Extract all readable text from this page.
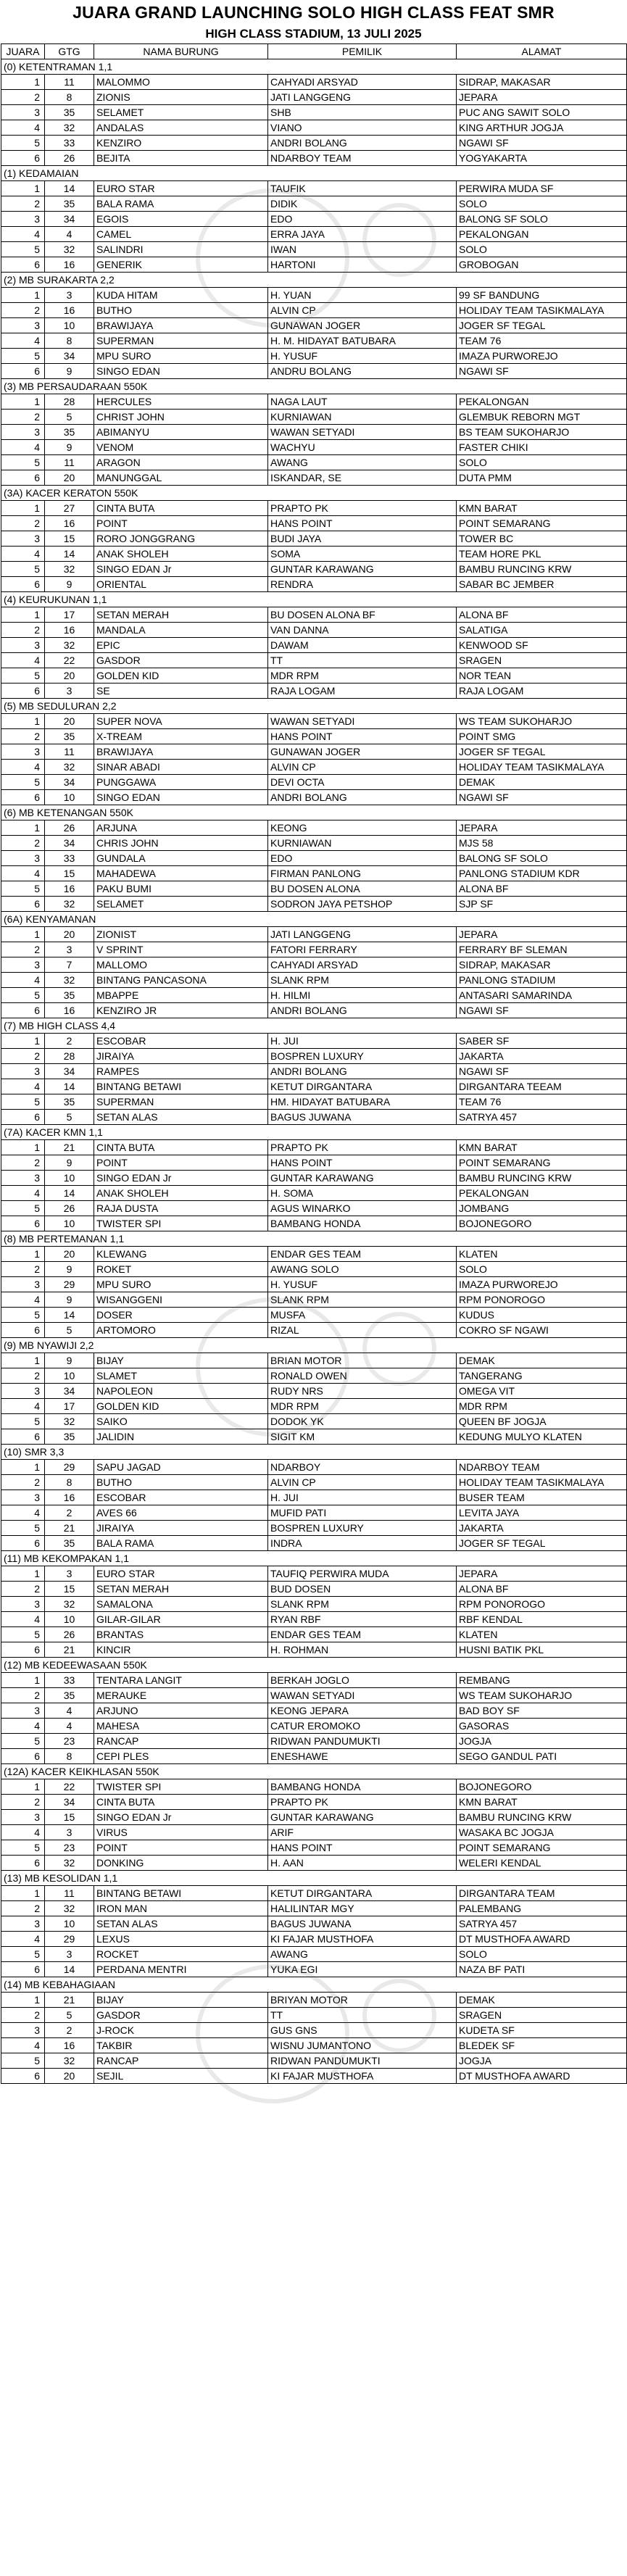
JUARA GRAND LAUNCHING SOLO HIGH CLASS FEAT SMR
HIGH CLASS STADIUM, 13 JULI 2025
JUARA	GTG	NAMA BURUNG	PEMILIK	ALAMAT
(0) KETENTRAMAN 1,1				
1	11	MALOMMO	CAHYADI ARSYAD	SIDRAP, MAKASAR
2	8	ZIONIS	JATI LANGGENG	JEPARA
3	35	SELAMET	SHB	PUC ANG SAWIT SOLO
4	32	ANDALAS	VIANO	KING ARTHUR JOGJA
5	33	KENZIRO	ANDRI BOLANG	NGAWI SF
6	26	BEJITA	NDARBOY TEAM	YOGYAKARTA
(1) KEDAMAIAN				
1	14	EURO STAR	TAUFIK	PERWIRA MUDA SF
2	35	BALA RAMA	DIDIK	SOLO
3	34	EGOIS	EDO	BALONG SF SOLO
4	4	CAMEL	ERRA JAYA	PEKALONGAN
5	32	SALINDRI	IWAN	SOLO
6	16	GENERIK	HARTONI	GROBOGAN
(2) MB SURAKARTA 2,2				
1	3	KUDA HITAM	H. YUAN	99 SF BANDUNG
2	16	BUTHO	ALVIN CP	HOLIDAY TEAM TASIKMALAYA
3	10	BRAWIJAYA	GUNAWAN JOGER	JOGER SF TEGAL
4	8	SUPERMAN	H. M. HIDAYAT BATUBARA	TEAM 76
5	34	MPU SURO	H. YUSUF	IMAZA PURWOREJO
6	9	SINGO EDAN	ANDRU BOLANG	NGAWI SF
(3) MB PERSAUDARAAN 550K				
1	28	HERCULES	NAGA LAUT	PEKALONGAN
2	5	CHRIST JOHN	KURNIAWAN	GLEMBUK REBORN MGT
3	35	ABIMANYU	WAWAN SETYADI	BS TEAM SUKOHARJO
4	9	VENOM	WACHYU	FASTER CHIKI
5	11	ARAGON	AWANG	SOLO
6	20	MANUNGGAL	ISKANDAR, SE	DUTA PMM
(3A) KACER KERATON 550K				
1	27	CINTA BUTA	PRAPTO PK	KMN BARAT
2	16	POINT	HANS POINT	POINT SEMARANG
3	15	RORO JONGGRANG	BUDI JAYA	TOWER BC
4	14	ANAK SHOLEH	SOMA	TEAM HORE PKL
5	32	SINGO EDAN Jr	GUNTAR KARAWANG	BAMBU RUNCING KRW
6	9	ORIENTAL	RENDRA	SABAR BC JEMBER
(4) KEURUKUNAN 1,1				
1	17	SETAN MERAH	BU DOSEN ALONA BF	ALONA BF
2	16	MANDALA	VAN DANNA	SALATIGA
3	32	EPIC	DAWAM	KENWOOD SF
4	22	GASDOR	TT	SRAGEN
5	20	GOLDEN KID	MDR RPM	NOR TEAN
6	3	SE	RAJA LOGAM	RAJA LOGAM
(5) MB SEDULURAN 2,2				
1	20	SUPER NOVA	WAWAN SETYADI	WS TEAM SUKOHARJO
2	35	X-TREAM	HANS POINT	POINT SMG
3	11	BRAWIJAYA	GUNAWAN JOGER	JOGER SF TEGAL
4	32	SINAR ABADI	ALVIN CP	HOLIDAY TEAM TASIKMALAYA
5	34	PUNGGAWA	DEVI OCTA	DEMAK
6	10	SINGO EDAN	ANDRI BOLANG	NGAWI SF
(6) MB KETENANGAN 550K				
1	26	ARJUNA	KEONG	JEPARA
2	34	CHRIS JOHN	KURNIAWAN	MJS 58
3	33	GUNDALA	EDO	BALONG SF SOLO
4	15	MAHADEWA	FIRMAN PANLONG	PANLONG STADIUM KDR
5	16	PAKU BUMI	BU DOSEN ALONA	ALONA BF
6	32	SELAMET	SODRON JAYA PETSHOP	SJP SF
(6A) KENYAMANAN				
1	20	ZIONIST	JATI LANGGENG	JEPARA
2	3	V SPRINT	FATORI FERRARY	FERRARY BF SLEMAN
3	7	MALLOMO	CAHYADI ARSYAD	SIDRAP, MAKASAR
4	32	BINTANG PANCASONA	SLANK RPM	PANLONG STADIUM
5	35	MBAPPE	H. HILMI	ANTASARI SAMARINDA
6	16	KENZIRO JR	ANDRI BOLANG	NGAWI SF
(7) MB HIGH CLASS 4,4				
1	2	ESCOBAR	H. JUI	SABER SF
2	28	JIRAIYA	BOSPREN LUXURY	JAKARTA
3	34	RAMPES	ANDRI BOLANG	NGAWI SF
4	14	BINTANG BETAWI	KETUT DIRGANTARA	DIRGANTARA TEEAM
5	35	SUPERMAN	HM. HIDAYAT BATUBARA	TEAM 76
6	5	SETAN ALAS	BAGUS JUWANA	SATRYA 457
(7A) KACER KMN 1,1				
1	21	CINTA BUTA	PRAPTO PK	KMN BARAT
2	9	POINT	HANS POINT	POINT SEMARANG
3	10	SINGO EDAN Jr	GUNTAR KARAWANG	BAMBU RUNCING KRW
4	14	ANAK SHOLEH	H. SOMA	PEKALONGAN
5	26	RAJA DUSTA	AGUS WINARKO	JOMBANG
6	10	TWISTER SPI	BAMBANG HONDA	BOJONEGORO
(8) MB PERTEMANAN 1,1				
1	20	KLEWANG	ENDAR GES TEAM	KLATEN
2	9	ROKET	AWANG SOLO	SOLO
3	29	MPU SURO	H. YUSUF	IMAZA PURWOREJO
4	9	WISANGGENI	SLANK RPM	RPM PONOROGO
5	14	DOSER	MUSFA	KUDUS
6	5	ARTOMORO	RIZAL	COKRO SF NGAWI
(9) MB NYAWIJI 2,2				
1	9	BIJAY	BRIAN MOTOR	DEMAK
2	10	SLAMET	RONALD OWEN	TANGERANG
3	34	NAPOLEON	RUDY NRS	OMEGA VIT
4	17	GOLDEN KID	MDR RPM	MDR RPM
5	32	SAIKO	DODOK YK	QUEEN BF JOGJA
6	35	JALIDIN	SIGIT KM	KEDUNG MULYO KLATEN
(10) SMR 3,3				
1	29	SAPU JAGAD	NDARBOY	NDARBOY TEAM
2	8	BUTHO	ALVIN CP	HOLIDAY TEAM TASIKMALAYA
3	16	ESCOBAR	H. JUI	BUSER TEAM
4	2	AVES 66	MUFID PATI	LEVITA JAYA
5	21	JIRAIYA	BOSPREN LUXURY	JAKARTA
6	35	BALA RAMA	INDRA	JOGER SF TEGAL
(11) MB KEKOMPAKAN 1,1				
1	3	EURO STAR	TAUFIQ PERWIRA MUDA	JEPARA
2	15	SETAN MERAH	BUD DOSEN	ALONA BF
3	32	SAMALONA	SLANK RPM	RPM PONOROGO
4	10	GILAR-GILAR	RYAN RBF	RBF KENDAL
5	26	BRANTAS	ENDAR GES TEAM	KLATEN
6	21	KINCIR	H. ROHMAN	HUSNI BATIK PKL
(12) MB KEDEEWASAAN 550K				
1	33	TENTARA LANGIT	BERKAH JOGLO	REMBANG
2	35	MERAUKE	WAWAN SETYADI	WS TEAM SUKOHARJO
3	4	ARJUNO	KEONG JEPARA	BAD BOY SF
4	4	MAHESA	CATUR EROMOKO	GASORAS
5	23	RANCAP	RIDWAN PANDUMUKTI	JOGJA
6	8	CEPI PLES	ENESHAWE	SEGO GANDUL PATI
(12A) KACER KEIKHLASAN 550K				
1	22	TWISTER SPI	BAMBANG HONDA	BOJONEGORO
2	34	CINTA BUTA	PRAPTO PK	KMN BARAT
3	15	SINGO EDAN Jr	GUNTAR KARAWANG	BAMBU RUNCING KRW
4	3	VIRUS	ARIF	WASAKA BC JOGJA
5	23	POINT	HANS POINT	POINT SEMARANG
6	32	DONKING	H. AAN	WELERI KENDAL
(13) MB KESOLIDAN 1,1				
1	11	BINTANG BETAWI	KETUT DIRGANTARA	DIRGANTARA TEAM
2	32	IRON MAN	HALILINTAR MGY	PALEMBANG
3	10	SETAN ALAS	BAGUS JUWANA	SATRYA 457
4	29	LEXUS	KI FAJAR MUSTHOFA	DT MUSTHOFA AWARD
5	3	ROCKET	AWANG	SOLO
6	14	PERDANA MENTRI	YUKA EGI	NAZA BF PATI
(14) MB KEBAHAGIAAN				
1	21	BIJAY	BRIYAN MOTOR	DEMAK
2	5	GASDOR	TT	SRAGEN
3	2	J-ROCK	GUS GNS	KUDETA SF
4	16	TAKBIR	WISNU JUMANTONO	BLEDEK SF
5	32	RANCAP	RIDWAN PANDUMUKTI	JOGJA
6	20	SEJIL	KI FAJAR MUSTHOFA	DT MUSTHOFA AWARD
